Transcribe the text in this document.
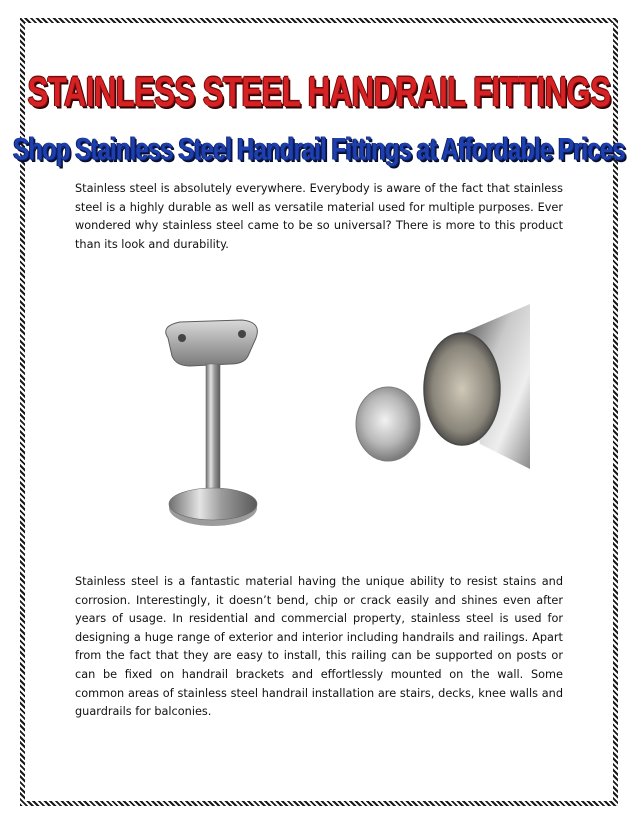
STAINLESS STEEL HANDRAIL FITTINGS
Shop Stainless Steel Handrail Fittings at Affordable Prices

Stainless steel is absolutely everywhere. Everybody is aware of the fact that stainless steel is a highly durable as well as versatile material used for multiple purposes. Ever wondered why stainless steel came to be so universal? There is more to this product than its look and durability.

Stainless steel is a fantastic material having the unique ability to resist stains and corrosion. Interestingly, it doesn’t bend, chip or crack easily and shines even after years of usage. In residential and commercial property, stainless steel is used for designing a huge range of exterior and interior including handrails and railings. Apart from the fact that they are easy to install, this railing can be supported on posts or can be fixed on handrail brackets and effortlessly mounted on the wall. Some common areas of stainless steel handrail installation are stairs, decks, knee walls and guardrails for balconies.
